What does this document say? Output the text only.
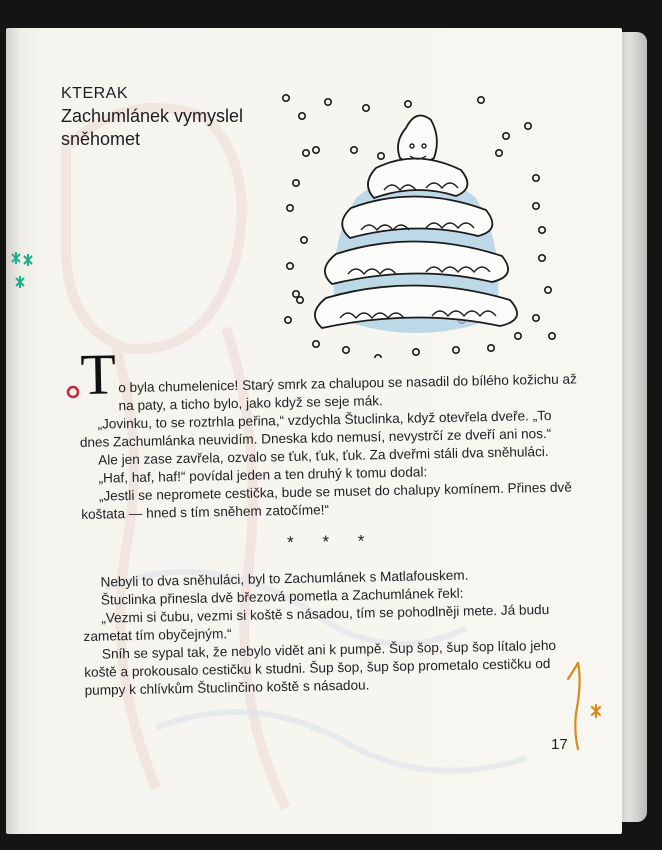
KTERAK
Zachumlánek vymyslel
sněhomet
T o byla chumelenice! Starý smrk za chalupou se nasadil do bílého kožichu až na paty, a ticho bylo, jako když se seje mák.

„Jovinku, to se roztrhla peřina,“ vzdychla Štuclinka, když otevřela dveře. „To dnes Zachumlánka neuvidím. Dneska kdo nemusí, nevystrčí ze dveří ani nos.“

Ale jen zase zavřela, ozvalo se ťuk, ťuk, ťuk. Za dveřmi stáli dva sněhuláci.

„Haf, haf, haf!“ povídal jeden a ten druhý k tomu dodal:

„Jestli se nepromete cestička, bude se muset do chalupy komínem. Přines dvě koštata — hned s tím sněhem zatočíme!“

* * *

Nebyli to dva sněhuláci, byl to Zachumlánek s Matlafouskem.

Štuclinka přinesla dvě březová pometla a Zachumlánek řekl:

„Vezmi si čubu, vezmi si koště s násadou, tím se pohodlněji mete. Já budu zametat tím obyčejným.“

Sníh se sypal tak, že nebylo vidět ani k pumpě. Šup šop, šup šop lítalo jeho koště a prokousalo cestičku k studni. Šup šop, šup šop prometalo cestičku od pumpy k chlívkům Štuclinčino koště s násadou.

17
